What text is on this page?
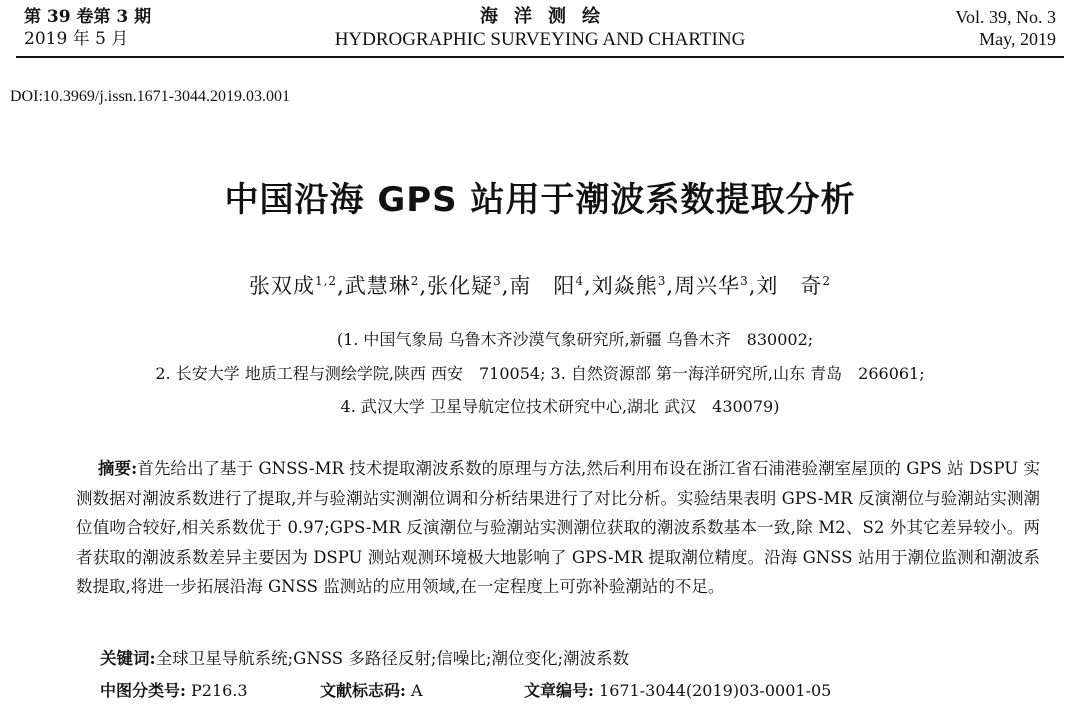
第 39 卷第 3 期
2019 年 5 月
海洋测绘
HYDROGRAPHIC SURVEYING AND CHARTING
Vol. 39, No. 3
May, 2019
DOI:10.3969/j.issn.1671-3044.2019.03.001
中国沿海 GPS 站用于潮波系数提取分析
张双成$^{1,2}$,武慧琳$^2$,张化疑$^3$,南　阳$^4$,刘焱熊$^3$,周兴华$^3$,刘　奇$^2$
(1. 中国气象局 乌鲁木齐沙漠气象研究所,新疆 乌鲁木齐　830002;
2. 长安大学 地质工程与测绘学院,陕西 西安　710054; 3. 自然资源部 第一海洋研究所,山东 青岛　266061;
4. 武汉大学 卫星导航定位技术研究中心,湖北 武汉　430079)

摘要:首先给出了基于 GNSS-MR 技术提取潮波系数的原理与方法,然后利用布设在浙江省石浦港验潮室屋顶的 GPS 站 DSPU 实测数据对潮波系数进行了提取,并与验潮站实测潮位调和分析结果进行了对比分析。实验结果表明 GPS-MR 反演潮位与验潮站实测潮位值吻合较好,相关系数优于 0.97;GPS-MR 反演潮位与验潮站实测潮位获取的潮波系数基本一致,除 M2、S2 外其它差异较小。两者获取的潮波系数差异主要因为 DSPU 测站观测环境极大地影响了 GPS-MR 提取潮位精度。沿海 GNSS 站用于潮位监测和潮波系数提取,将进一步拓展沿海 GNSS 监测站的应用领域,在一定程度上可弥补验潮站的不足。

关键词:全球卫星导航系统;GNSS 多路径反射;信噪比;潮位变化;潮波系数
中图分类号: P216.3	文献标志码: A	文章编号: 1671-3044(2019)03-0001-05
